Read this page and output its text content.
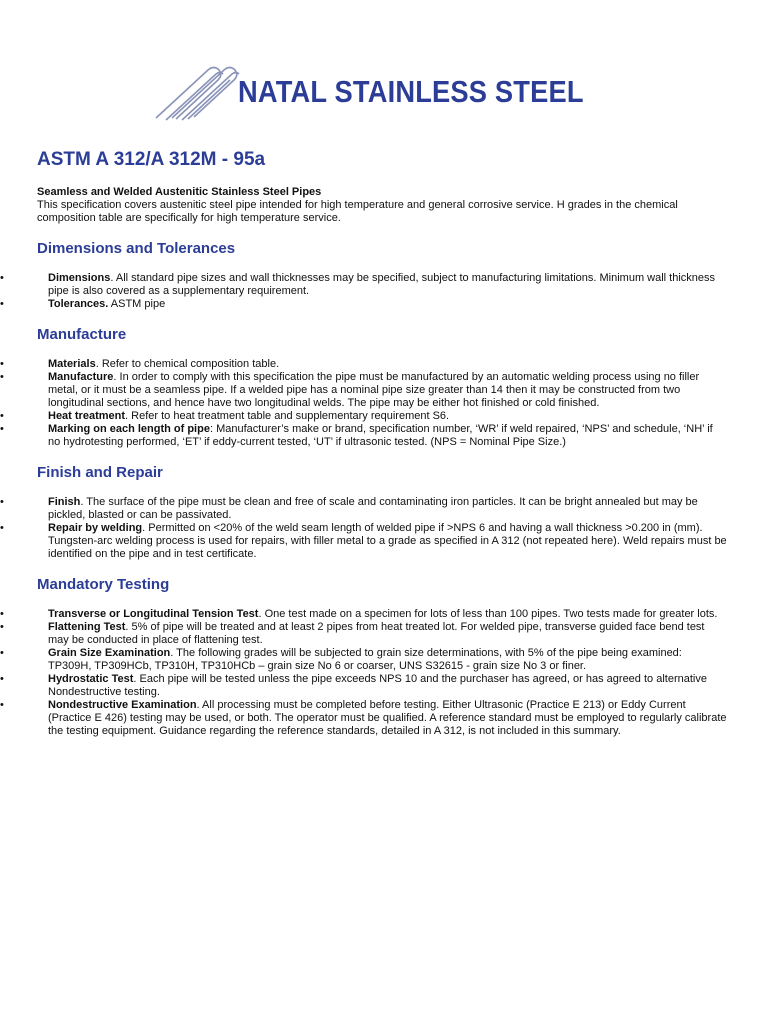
NATAL STAINLESS STEEL
ASTM A 312/A 312M - 95a

Seamless and Welded Austenitic Stainless Steel Pipes

This specification covers austenitic steel pipe intended for high temperature and general corrosive service. H grades in the chemical composition table are specifically for high temperature service.

Dimensions and Tolerances
• Dimensions. All standard pipe sizes and wall thicknesses may be specified, subject to manufacturing limitations. Minimum wall thickness pipe is also covered as a supplementary requirement.
• Tolerances. ASTM pipe
Manufacture
• Materials. Refer to chemical composition table.
• Manufacture. In order to comply with this specification the pipe must be manufactured by an automatic welding process using no filler metal, or it must be a seamless pipe. If a welded pipe has a nominal pipe size greater than 14 then it may be constructed from two longitudinal sections, and hence have two longitudinal welds. The pipe may be either hot finished or cold finished.
• Heat treatment. Refer to heat treatment table and supplementary requirement S6.
• Marking on each length of pipe: Manufacturer’s make or brand, specification number, ‘WR’ if weld repaired, ‘NPS’ and schedule, ‘NH’ if no hydrotesting performed, ‘ET’ if eddy-current tested, ‘UT’ if ultrasonic tested. (NPS = Nominal Pipe Size.)
Finish and Repair
• Finish. The surface of the pipe must be clean and free of scale and contaminating iron particles. It can be bright annealed but may be pickled, blasted or can be passivated.
• Repair by welding. Permitted on <20% of the weld seam length of welded pipe if >NPS 6 and having a wall thickness >0.200 in (mm). Tungsten-arc welding process is used for repairs, with filler metal to a grade as specified in A 312 (not repeated here). Weld repairs must be identified on the pipe and in test certificate.
Mandatory Testing
• Transverse or Longitudinal Tension Test. One test made on a specimen for lots of less than 100 pipes. Two tests made for greater lots.
• Flattening Test. 5% of pipe will be treated and at least 2 pipes from heat treated lot. For welded pipe, transverse guided face bend test may be conducted in place of flattening test.
• Grain Size Examination. The following grades will be subjected to grain size determinations, with 5% of the pipe being examined: TP309H, TP309HCb, TP310H, TP310HCb – grain size No 6 or coarser, UNS S32615 - grain size No 3 or finer.
• Hydrostatic Test. Each pipe will be tested unless the pipe exceeds NPS 10 and the purchaser has agreed, or has agreed to alternative Nondestructive testing.
• Nondestructive Examination. All processing must be completed before testing. Either Ultrasonic (Practice E 213) or Eddy Current (Practice E 426) testing may be used, or both. The operator must be qualified. A reference standard must be employed to regularly calibrate the testing equipment. Guidance regarding the reference standards, detailed in A 312, is not included in this summary.
